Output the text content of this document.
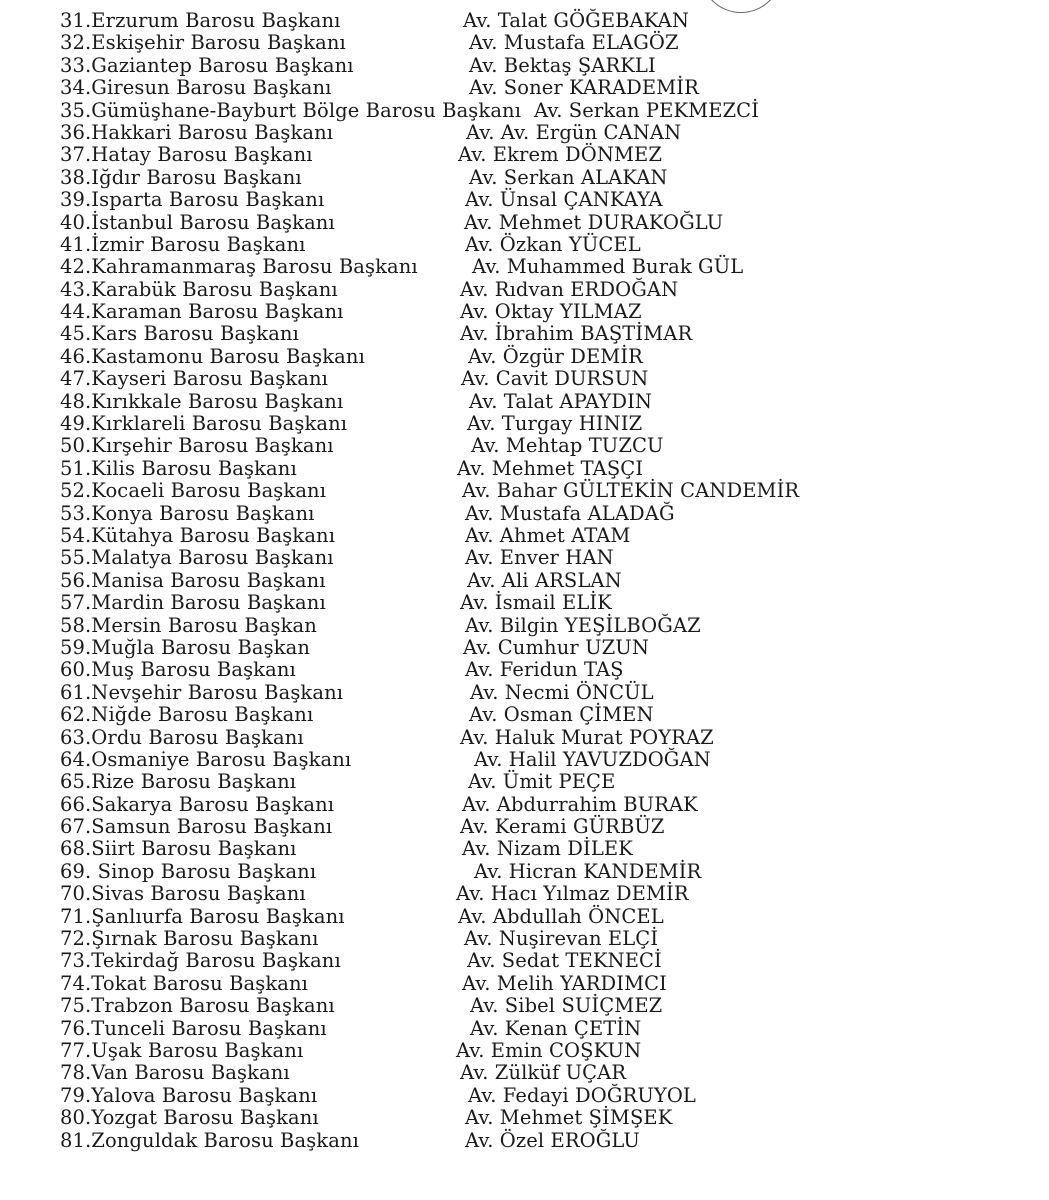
31.Erzurum Barosu Başkanı	Av. Talat GÖĞEBAKAN
32.Eskişehir Barosu Başkanı	Av. Mustafa ELAGÖZ
33.Gaziantep Barosu Başkanı	Av. Bektaş ŞARKLI
34.Giresun Barosu Başkanı	Av. Soner KARADEMİR
35.Gümüşhane-Bayburt Bölge Barosu Başkanı Av. Serkan PEKMEZCİ
36.Hakkari Barosu Başkanı	Av. Av. Ergün CANAN
37.Hatay Barosu Başkanı	Av. Ekrem DÖNMEZ
38.Iğdır Barosu Başkanı	Av. Serkan ALAKAN
39.Isparta Barosu Başkanı	Av. Ünsal ÇANKAYA
40.İstanbul Barosu Başkanı	Av. Mehmet DURAKOĞLU
41.İzmir Barosu Başkanı	Av. Özkan YÜCEL
42.Kahramanmaraş Barosu Başkanı	Av. Muhammed Burak GÜL
43.Karabük Barosu Başkanı	Av. Rıdvan ERDOĞAN
44.Karaman Barosu Başkanı	Av. Oktay YILMAZ
45.Kars Barosu Başkanı	Av. İbrahim BAŞTİMAR
46.Kastamonu Barosu Başkanı	Av. Özgür DEMİR
47.Kayseri Barosu Başkanı	Av. Cavit DURSUN
48.Kırıkkale Barosu Başkanı	Av. Talat APAYDIN
49.Kırklareli Barosu Başkanı	Av. Turgay HINIZ
50.Kırşehir Barosu Başkanı	Av. Mehtap TUZCU
51.Kilis Barosu Başkanı	Av. Mehmet TAŞÇI
52.Kocaeli Barosu Başkanı	Av. Bahar GÜLTEKİN CANDEMİR
53.Konya Barosu Başkanı	Av. Mustafa ALADAĞ
54.Kütahya Barosu Başkanı	Av. Ahmet ATAM
55.Malatya Barosu Başkanı	Av. Enver HAN
56.Manisa Barosu Başkanı	Av. Ali ARSLAN
57.Mardin Barosu Başkanı	Av. İsmail ELİK
58.Mersin Barosu Başkan	Av. Bilgin YEŞİLBOĞAZ
59.Muğla Barosu Başkan	Av. Cumhur UZUN
60.Muş Barosu Başkanı	Av. Feridun TAŞ
61.Nevşehir Barosu Başkanı	Av. Necmi ÖNCÜL
62.Niğde Barosu Başkanı	Av. Osman ÇİMEN
63.Ordu Barosu Başkanı	Av. Haluk Murat POYRAZ
64.Osmaniye Barosu Başkanı	Av. Halil YAVUZDOĞAN
65.Rize Barosu Başkanı	Av. Ümit PEÇE
66.Sakarya Barosu Başkanı	Av. Abdurrahim BURAK
67.Samsun Barosu Başkanı	Av. Kerami GÜRBÜZ
68.Siirt Barosu Başkanı	Av. Nizam DİLEK
69. Sinop Barosu Başkanı	Av. Hicran KANDEMİR
70.Sivas Barosu Başkanı	Av. Hacı Yılmaz DEMİR
71.Şanlıurfa Barosu Başkanı	Av. Abdullah ÖNCEL
72.Şırnak Barosu Başkanı	Av. Nuşirevan ELÇİ
73.Tekirdağ Barosu Başkanı	Av. Sedat TEKNECİ
74.Tokat Barosu Başkanı	Av. Melih YARDIMCI
75.Trabzon Barosu Başkanı	Av. Sibel SUİÇMEZ
76.Tunceli Barosu Başkanı	Av. Kenan ÇETİN
77.Uşak Barosu Başkanı	Av. Emin COŞKUN
78.Van Barosu Başkanı	Av. Zülküf UÇAR
79.Yalova Barosu Başkanı	Av. Fedayi DOĞRUYOL
80.Yozgat Barosu Başkanı	Av. Mehmet ŞİMŞEK
81.Zonguldak Barosu Başkanı	Av. Özel EROĞLU
